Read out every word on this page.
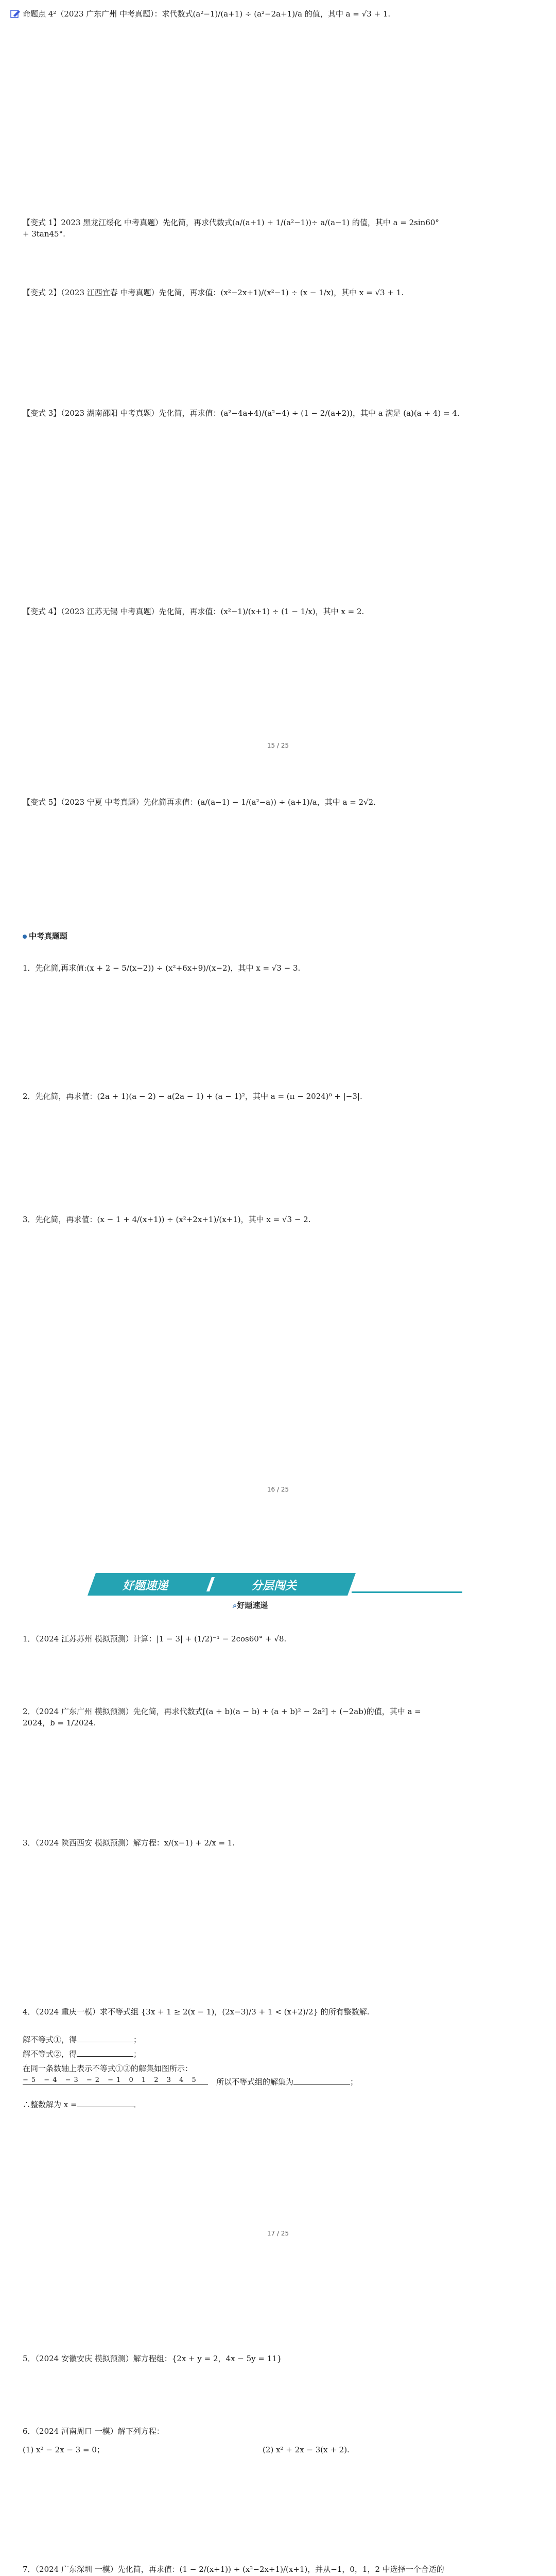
命题点 4²（2023 广东广州 中考真题）：求代数式(a²−1)/(a+1) ÷ (a²−2a+1)/a 的值，其中 a = √3 + 1.
【变式 1】2023 黑龙江绥化 中考真题）先化简，再求代数式(a/(a+1) + 1/(a²−1))÷ a/(a−1) 的值，其中 a = 2sin60° + 3tan45°.
【变式 2】（2023 江西宜春 中考真题）先化简，再求值：(x²−2x+1)/(x²−1) ÷ (x − 1/x)，其中 x = √3 + 1.
【变式 3】（2023 湖南邵阳 中考真题）先化简，再求值：(a²−4a+4)/(a²−4) ÷ (1 − 2/(a+2))，其中 a 满足 (a)(a + 4) = 4.
【变式 4】（2023 江苏无锡 中考真题）先化简，再求值：(x²−1)/(x+1) ÷ (1 − 1/x)，其中 x = 2.
15 / 25
【变式 5】（2023 宁夏 中考真题）先化简再求值：(a/(a−1) − 1/(a²−a)) ÷ (a+1)/a，其中 a = 2√2.
中考真题题
1．先化简,再求值:(x + 2 − 5/(x−2)) ÷ (x²+6x+9)/(x−2)，其中 x = √3 − 3.
2．先化简，再求值：(2a + 1)(a − 2) − a(2a − 1) + (a − 1)²，其中 a = (π − 2024)⁰ + |−3|.
3．先化简，再求值：(x − 1 + 4/(x+1)) ÷ (x²+2x+1)/(x+1)，其中 x = √3 − 2.
16 / 25
好题速递	分层闯关
⌕好题速递
1．（2024 江苏苏州 模拟预测）计算：|1 − 3| + (1/2)⁻¹ − 2cos60° + √8.
2．（2024 广东广州 模拟预测）先化简，再求代数式[(a + b)(a − b) + (a + b)² − 2a²] ÷ (−2ab)的值，其中 a = 2024，b = 1/2024.
3．（2024 陕西西安 模拟预测）解方程：x/(x−1) + 2/x = 1.
4．（2024 重庆一模）求不等式组 {3x + 1 ≥ 2(x − 1)，(2x−3)/3 + 1 < (x+2)/2} 的所有整数解.
解不等式①，得	；
解不等式②，得	；
在同一条数轴上表示不等式①②的解集如图所示：
−5 −4 −3 −2 −1 0 1 2 3 4 5 所以不等式组的解集为	；
∴整数解为 x =	．
17 / 25
5．（2024 安徽安庆 模拟预测）解方程组：{2x + y = 2，4x − 5y = 11}
6．（2024 河南周口 一模）解下列方程：
(1) x² − 2x − 3 = 0；	(2) x² + 2x − 3(x + 2).
7．（2024 广东深圳 一模）先化简，再求值：(1 − 2/(x+1)) ÷ (x²−2x+1)/(x+1)，并从−1，0，1，2 中选择一个合适的
